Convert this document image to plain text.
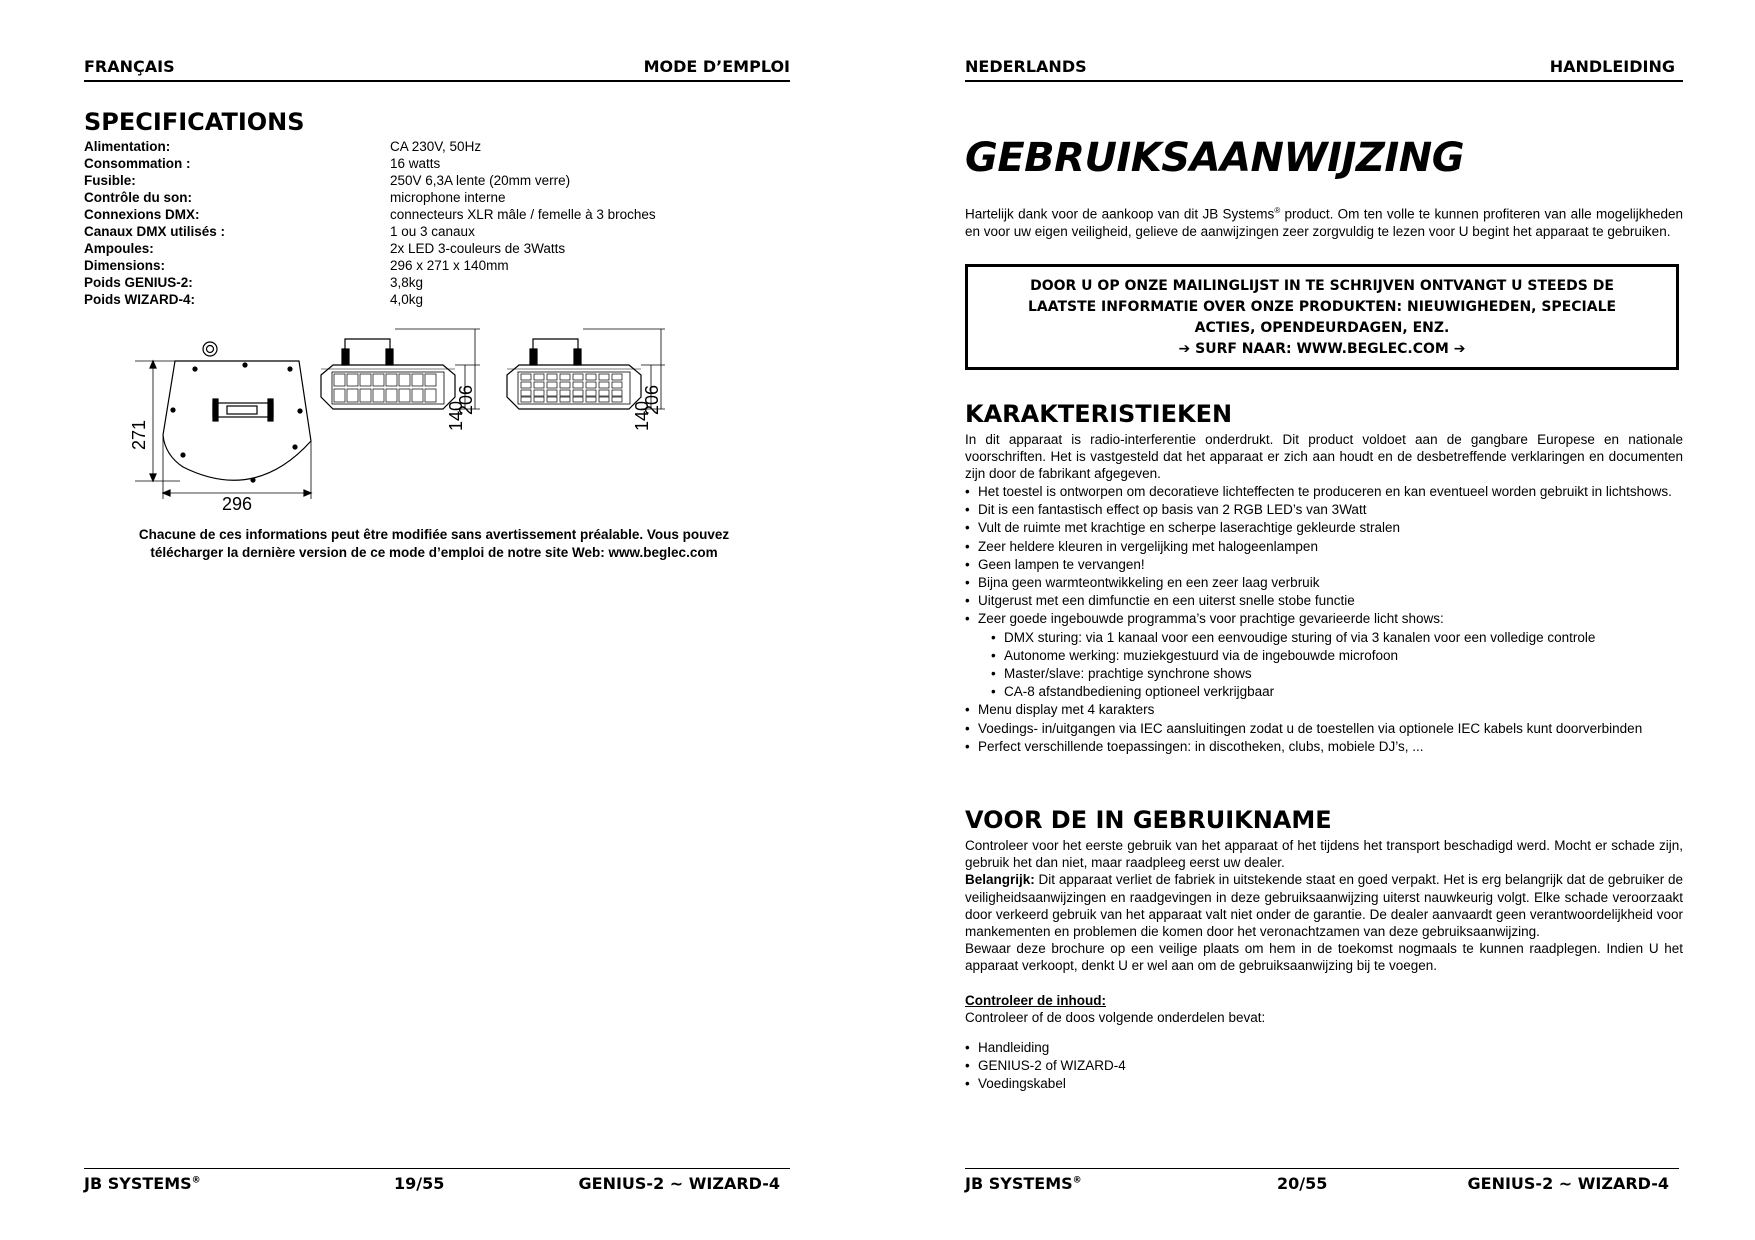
FRANÇAIS	MODE D’EMPLOI
SPECIFICATIONS
Alimentation:	CA 230V, 50Hz
Consommation :	16 watts
Fusible:	250V 6,3A lente (20mm verre)
Contrôle du son:	microphone interne
Connexions DMX:	connecteurs XLR mâle / femelle à 3 broches
Canaux DMX utilisés :	1 ou 3 canaux
Ampoules:	2x LED 3-couleurs de 3Watts
Dimensions:	296 x 271 x 140mm
Poids GENIUS-2:	3,8kg
Poids WIZARD-4:	4,0kg
271
296
140
206
140
206
Chacune de ces informations peut être modifiée sans avertissement préalable. Vous pouvez
télécharger la dernière version de ce mode d’emploi de notre site Web: www.beglec.com
JB SYSTEMS®	19/55	GENIUS-2 ~ WIZARD-4
NEDERLANDS	HANDLEIDING
GEBRUIKSAANWIJZING

Hartelijk dank voor de aankoop van dit JB Systems® product. Om ten volle te kunnen profiteren van alle mogelijkheden en voor uw eigen veiligheid, gelieve de aanwijzingen zeer zorgvuldig te lezen voor U begint het apparaat te gebruiken.

DOOR U OP ONZE MAILINGLIJST IN TE SCHRIJVEN ONTVANGT U STEEDS DE
LAATSTE INFORMATIE OVER ONZE PRODUKTEN: NIEUWIGHEDEN, SPECIALE
ACTIES, OPENDEURDAGEN, ENZ.
➔ SURF NAAR: WWW.BEGLEC.COM ➔
KARAKTERISTIEKEN

In dit apparaat is radio-interferentie onderdrukt. Dit product voldoet aan de gangbare Europese en nationale voorschriften. Het is vastgesteld dat het apparaat er zich aan houdt en de desbetreffende verklaringen en documenten zijn door de fabrikant afgegeven.

• Het toestel is ontworpen om decoratieve lichteffecten te produceren en kan eventueel worden gebruikt in lichtshows.
• Dit is een fantastisch effect op basis van 2 RGB LED’s van 3Watt
• Vult de ruimte met krachtige en scherpe laserachtige gekleurde stralen
• Zeer heldere kleuren in vergelijking met halogeenlampen
• Geen lampen te vervangen!
• Bijna geen warmteontwikkeling en een zeer laag verbruik
• Uitgerust met een dimfunctie en een uiterst snelle stobe functie
• Zeer goede ingebouwde programma’s voor prachtige gevarieerde licht shows:
• DMX sturing: via 1 kanaal voor een eenvoudige sturing of via 3 kanalen voor een volledige controle
• Autonome werking: muziekgestuurd via de ingebouwde microfoon
• Master/slave: prachtige synchrone shows
• CA-8 afstandbediening optioneel verkrijgbaar
• Menu display met 4 karakters
• Voedings- in/uitgangen via IEC aansluitingen zodat u de toestellen via optionele IEC kabels kunt doorverbinden
• Perfect verschillende toepassingen: in discotheken, clubs, mobiele DJ’s, ...
VOOR DE IN GEBRUIKNAME
Controleer voor het eerste gebruik van het apparaat of het tijdens het transport beschadigd werd. Mocht er schade zijn, gebruik het dan niet, maar raadpleeg eerst uw dealer.
Belangrijk: Dit apparaat verliet de fabriek in uitstekende staat en goed verpakt. Het is erg belangrijk dat de gebruiker de veiligheidsaanwijzingen en raadgevingen in deze gebruiksaanwijzing uiterst nauwkeurig volgt. Elke schade veroorzaakt door verkeerd gebruik van het apparaat valt niet onder de garantie. De dealer aanvaardt geen verantwoordelijkheid voor mankementen en problemen die komen door het veronachtzamen van deze gebruiksaanwijzing.
Bewaar deze brochure op een veilige plaats om hem in de toekomst nogmaals te kunnen raadplegen. Indien U het apparaat verkoopt, denkt U er wel aan om de gebruiksaanwijzing bij te voegen.
Controleer de inhoud:
Controleer of de doos volgende onderdelen bevat:
• Handleiding
• GENIUS-2 of WIZARD-4
• Voedingskabel
JB SYSTEMS®	20/55	GENIUS-2 ~ WIZARD-4
